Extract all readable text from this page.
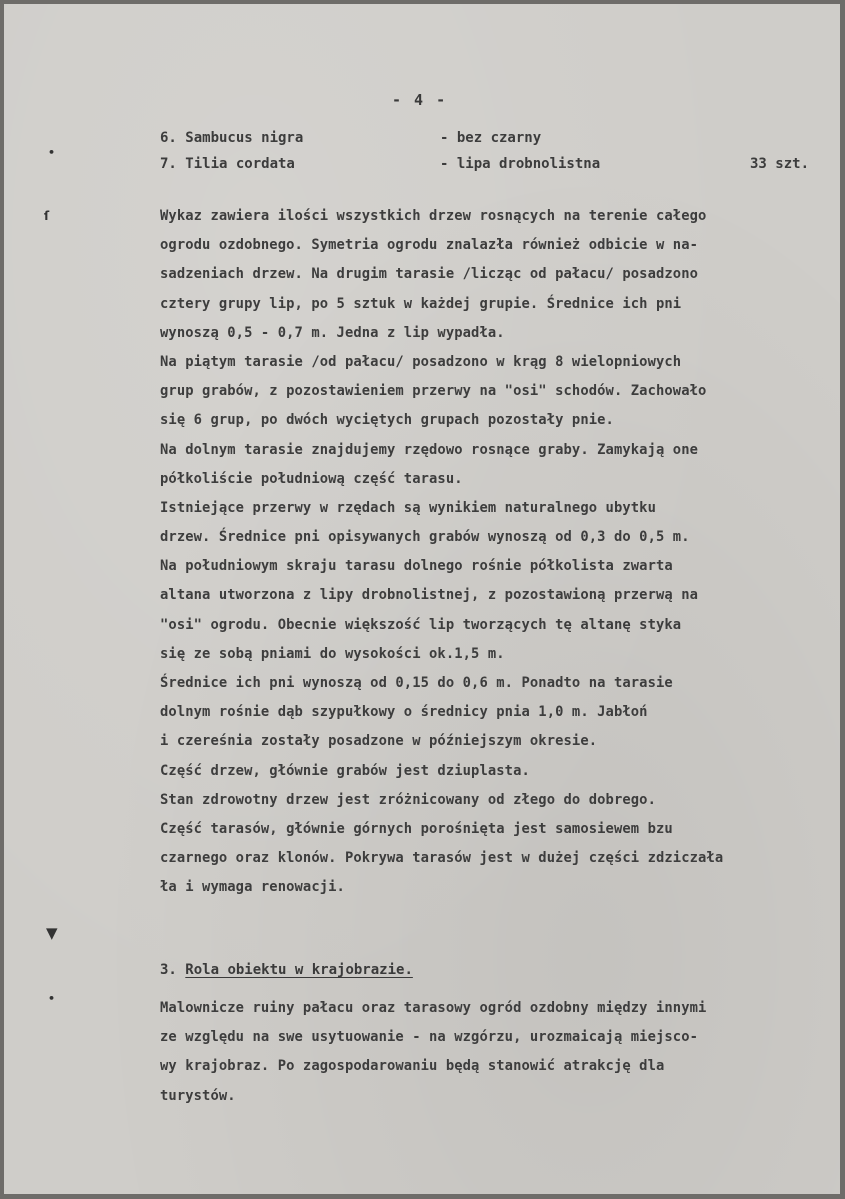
•
ſ
▼
•
- 4 -
6. Sambucus nigra	- bez czarny
7. Tilia cordata	- lipa drobnolistna	33 szt.
Wykaz zawiera ilości wszystkich drzew rosnących na terenie całego
ogrodu ozdobnego. Symetria ogrodu znalazła również odbicie w na-
sadzeniach drzew. Na drugim tarasie /licząc od pałacu/ posadzono
cztery grupy lip, po 5 sztuk w każdej grupie. Średnice ich pni
wynoszą 0,5 - 0,7 m. Jedna z lip wypadła.
Na piątym tarasie /od pałacu/ posadzono w krąg 8 wielopniowych
grup grabów, z pozostawieniem przerwy na "osi" schodów. Zachowało
się 6 grup, po dwóch wyciętych grupach pozostały pnie.
Na dolnym tarasie znajdujemy rzędowo rosnące graby. Zamykają one
półkoliście południową część tarasu.
Istniejące przerwy w rzędach są wynikiem naturalnego ubytku
drzew. Średnice pni opisywanych grabów wynoszą od 0,3 do 0,5 m.
Na południowym skraju tarasu dolnego rośnie półkolista zwarta
altana utworzona z lipy drobnolistnej, z pozostawioną przerwą na
"osi" ogrodu. Obecnie większość lip tworzących tę altanę styka
się ze sobą pniami do wysokości ok.1,5 m.
Średnice ich pni wynoszą od 0,15 do 0,6 m. Ponadto na tarasie
dolnym rośnie dąb szypułkowy o średnicy pnia 1,0 m. Jabłoń
i czereśnia zostały posadzone w późniejszym okresie.
Część drzew, głównie grabów jest dziuplasta.
Stan zdrowotny drzew jest zróżnicowany od złego do dobrego.
Część tarasów, głównie górnych porośnięta jest samosiewem bzu
czarnego oraz klonów. Pokrywa tarasów jest w dużej części zdziczała
ła i wymaga renowacji.
3. Rola obiektu w krajobrazie.
Malownicze ruiny pałacu oraz tarasowy ogród ozdobny między innymi
ze względu na swe usytuowanie - na wzgórzu, urozmaicają miejsco-
wy krajobraz. Po zagospodarowaniu będą stanowić atrakcję dla
turystów.
